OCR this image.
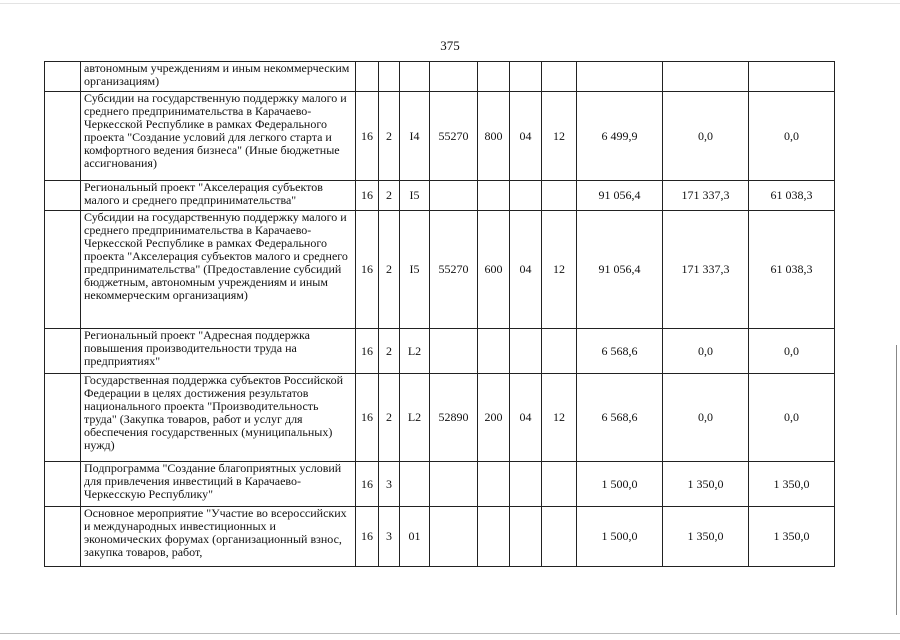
375
	автономным учреждениям и иным некоммерческим организациям)										
	Субсидии на государственную поддержку малого и среднего предпринимательства в Карачаево-Черкесской Республике в рамках Федерального проекта "Создание условий для легкого старта и комфортного ведения бизнеса" (Иные бюджетные ассигнования)	16	2	I4	55270	800	04	12	6 499,9	0,0	0,0
	Региональный проект "Акселерация субъектов малого и среднего предпринимательства"	16	2	I5					91 056,4	171 337,3	61 038,3
	Субсидии на государственную поддержку малого и среднего предпринимательства в Карачаево-Черкесской Республике в рамках Федерального проекта "Акселерация субъектов малого и среднего предпринимательства" (Предоставление субсидий бюджетным, автономным учреждениям и иным некоммерческим организациям)	16	2	I5	55270	600	04	12	91 056,4	171 337,3	61 038,3
	Региональный проект "Адресная поддержка повышения производительности труда на предприятиях"	16	2	L2					6 568,6	0,0	0,0
	Государственная поддержка субъектов Российской Федерации в целях достижения результатов национального проекта "Производительность труда" (Закупка товаров, работ и услуг для обеспечения государственных (муниципальных) нужд)	16	2	L2	52890	200	04	12	6 568,6	0,0	0,0
	Подпрограмма "Создание благоприятных условий для привлечения инвестиций в Карачаево-Черкесскую Республику"	16	3						1 500,0	1 350,0	1 350,0
	Основное мероприятие "Участие во всероссийских и международных инвестиционных и экономических форумах (организационный взнос, закупка товаров, работ,	16	3	01					1 500,0	1 350,0	1 350,0
